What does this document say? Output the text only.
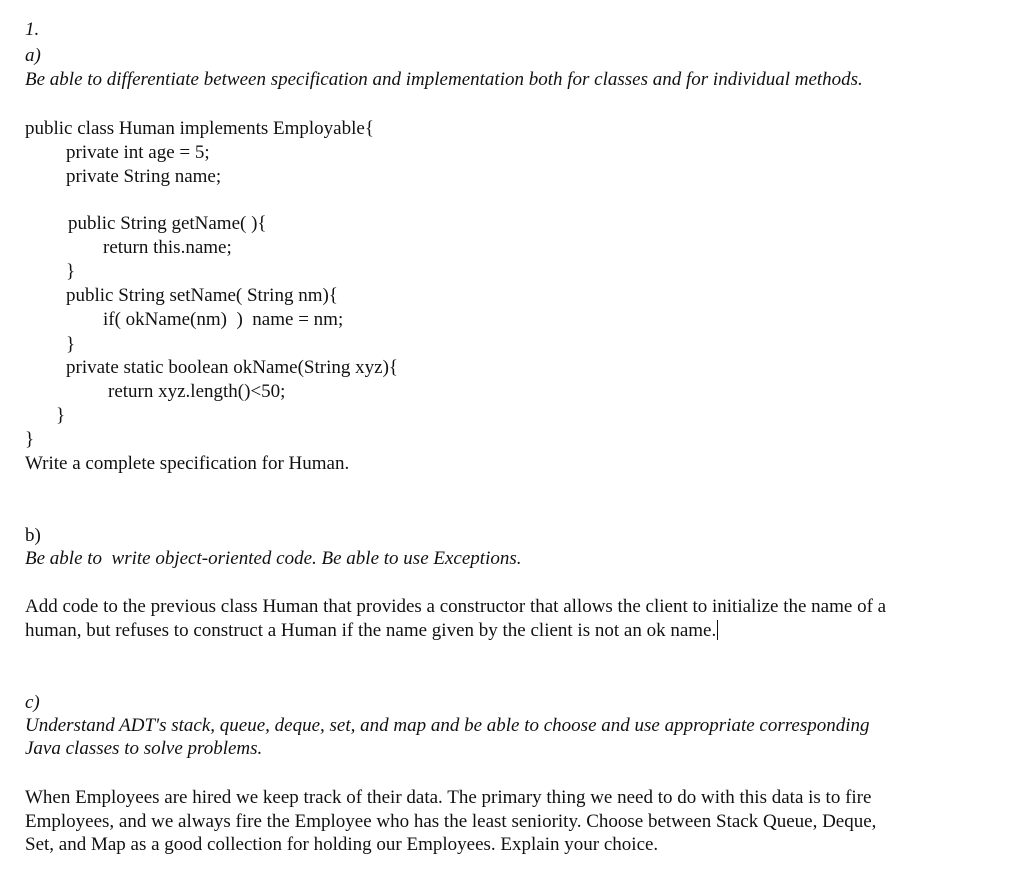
1.
a)
Be able to differentiate between specification and implementation both for classes and for individual methods.
public class Human implements Employable{
private int age = 5;
private String name;
public String getName( ){
return this.name;
}
public String setName( String nm){
if( okName(nm)  )  name = nm;
}
private static boolean okName(String xyz){
return xyz.length()<50;
}
}
Write a complete specification for Human.
b)
Be able to  write object-oriented code. Be able to use Exceptions.
Add code to the previous class Human that provides a constructor that allows the client to initialize the name of a
human, but refuses to construct a Human if the name given by the client is not an ok name.
c)
Understand ADT's stack, queue, deque, set, and map and be able to choose and use appropriate corresponding
Java classes to solve problems.
When Employees are hired we keep track of their data. The primary thing we need to do with this data is to fire
Employees, and we always fire the Employee who has the least seniority. Choose between Stack Queue, Deque,
Set, and Map as a good collection for holding our Employees. Explain your choice.
